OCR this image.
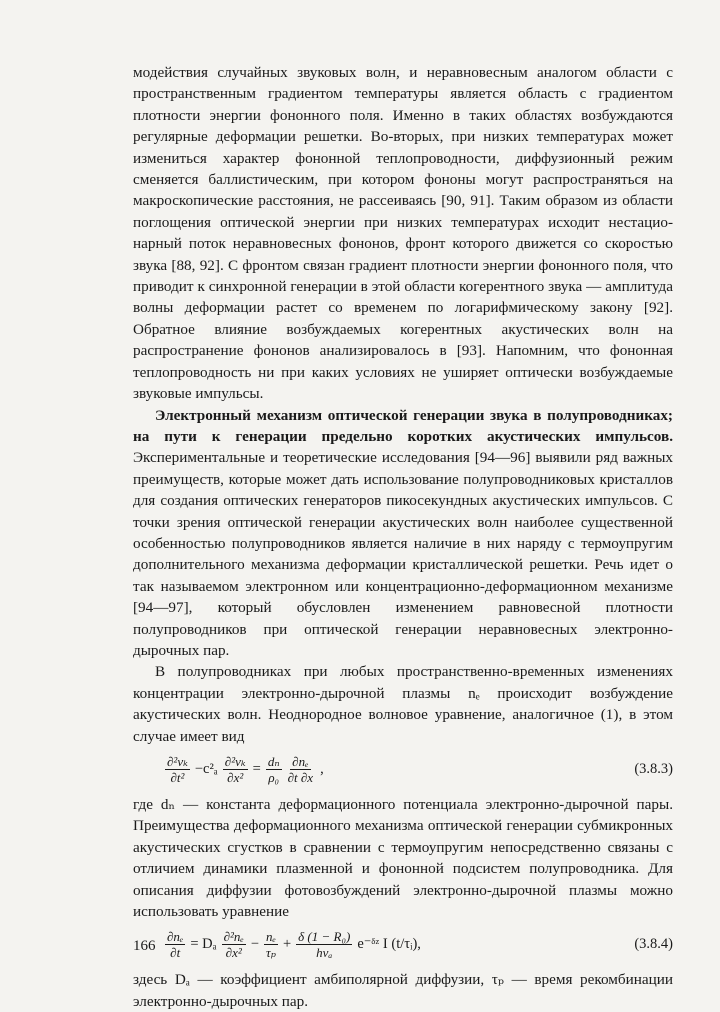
модействия случайных звуковых волн, и неравновесным аналогом области с пространственным градиентом температуры является область с градиентом плотности энергии фононного поля. Именно в таких областях возбуждаются регулярные деформации решетки. Во-вторых, при низких температурах может измениться характер фононной теплопроводности, диффузионный режим сменяется баллистическим, при котором фононы могут распространяться на макроскопические расстояния, не рассеиваясь [90, 91]. Таким образом из области поглощения оптической энергии при низких температурах исходит нестационарный поток неравновесных фононов, фронт которого движется со скоростью звука [88, 92]. С фронтом связан градиент плотности энергии фононного поля, что приводит к синхронной генерации в этой области когерентного звука — амплитуда волны деформации растет со временем по логарифмическому закону [92]. Обратное влияние возбуждаемых когерентных акустических волн на распространение фононов анализировалось в [93]. Напомним, что фононная теплопроводность ни при каких условиях не уширяет оптически возбуждаемые звуковые импульсы.

Электронный механизм оптической генерации звука в полупроводниках; на пути к генерации предельно коротких акустических импульсов. Экспериментальные и теоретические исследования [94—96] выявили ряд важных преимуществ, которые может дать использование полупроводниковых кристаллов для создания оптических генераторов пикосекундных акустических импульсов. С точки зрения оптической генерации акустических волн наиболее существенной особенностью полупроводников является наличие в них наряду с термоупругим дополнительного механизма деформации кристаллической решетки. Речь идет о так называемом электронном или концентрационно-деформационном механизме [94—97], который обусловлен изменением равновесной плотности полупроводников при оптической генерации неравновесных электронно-дырочных пар.

В полупроводниках при любых пространственно-временных изменениях концентрации электронно-дырочной плазмы nₑ происходит возбуждение акустических волн. Неоднородное волновое уравнение, аналогичное (1), в этом случае имеет вид

$\frac{\text{∂²vₖ}}{\text{∂t²}} -c^2_a \frac{\text{∂²vₖ}}{\text{∂x²}} = \frac{\text{dₙ}}{\text{ρ₀}} \frac{\text{∂nₑ}}{\partial t \partial x}$ ,	(3.8.3)

где dₙ — константа деформационного потенциала электронно-дырочной пары. Преимущества деформационного механизма оптической генерации субмикронных акустических сгустков в сравнении с термоупругим непосредственно связаны с отличием динамики плазменной и фононной подсистем полупроводника. Для описания диффузии фотовозбуждений электронно-дырочной плазмы можно использовать уравнение

$\frac{\text{∂nₑ}}{\partial t} = D_a \frac{\text{∂²nₑ}}{\text{∂x²}} - \frac{\text{nₑ}}{\text{τₚ}} + \frac{\text{δ (1 − R₀)}}{\text{hνₐ}}$ e⁻ᵟᶻ I (t/τᵢ),	(3.8.4)

здесь Dₐ — коэффициент амбиполярной диффузии, τₚ — время рекомбинации электронно-дырочных пар.

166
